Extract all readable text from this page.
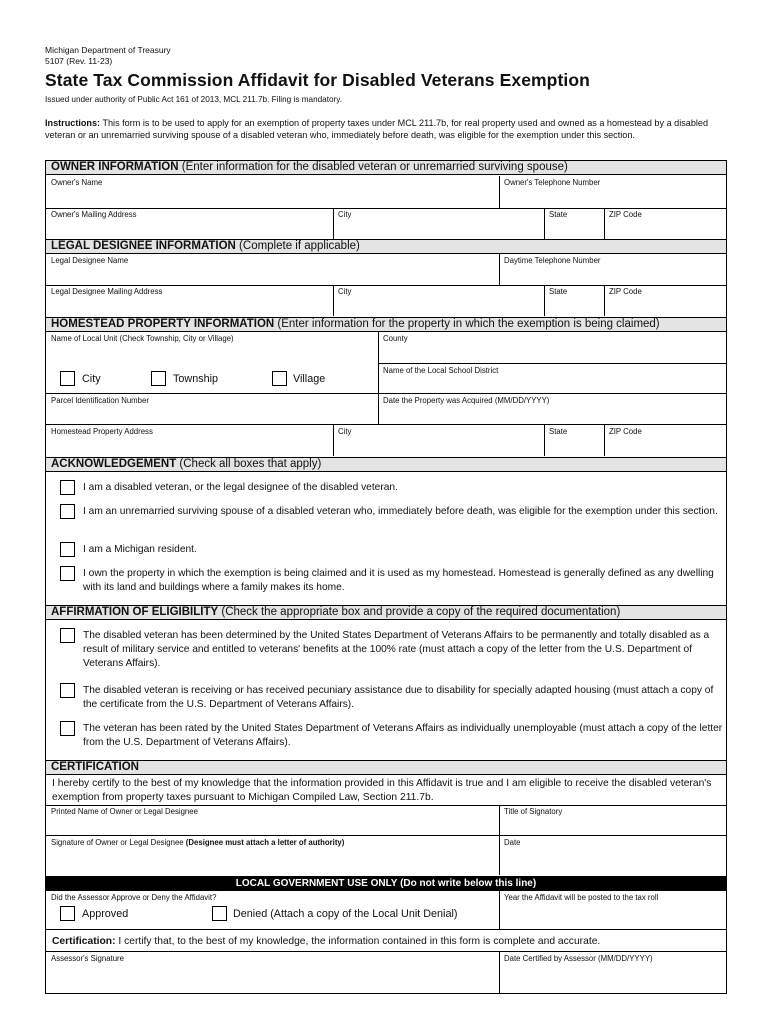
Michigan Department of Treasury
5107 (Rev. 11-23)
State Tax Commission Affidavit for Disabled Veterans Exemption
Issued under authority of Public Act 161 of 2013, MCL 211.7b. Filing is mandatory.
Instructions: This form is to be used to apply for an exemption of property taxes under MCL 211.7b, for real property used and owned as a homestead by a disabled veteran or an unremarried surviving spouse of a disabled veteran who, immediately before death, was eligible for the exemption under this section.
OWNER INFORMATION (Enter information for the disabled veteran or unremarried surviving spouse)
Owner's Name	Owner's Telephone Number
Owner's Mailing Address	City	State	ZIP Code
LEGAL DESIGNEE INFORMATION (Complete if applicable)
Legal Designee Name	Daytime Telephone Number
Legal Designee Mailing Address	City	State	ZIP Code
HOMESTEAD PROPERTY INFORMATION (Enter information for the property in which the exemption is being claimed)
Name of Local Unit (Check Township, City or Village)	County
Name of the Local School District
City	Township	Village
Parcel Identification Number	Date the Property was Acquired (MM/DD/YYYY)
Homestead Property Address	City	State	ZIP Code
ACKNOWLEDGEMENT (Check all boxes that apply)
I am a disabled veteran, or the legal designee of the disabled veteran.
I am an unremarried surviving spouse of a disabled veteran who, immediately before death, was eligible for the exemption under this section.
I am a Michigan resident.
I own the property in which the exemption is being claimed and it is used as my homestead. Homestead is generally defined as any dwelling with its land and buildings where a family makes its home.
AFFIRMATION OF ELIGIBILITY (Check the appropriate box and provide a copy of the required documentation)
The disabled veteran has been determined by the United States Department of Veterans Affairs to be permanently and totally disabled as a result of military service and entitled to veterans' benefits at the 100% rate (must attach a copy of the letter from the U.S. Department of Veterans Affairs).
The disabled veteran is receiving or has received pecuniary assistance due to disability for specially adapted housing (must attach a copy of the certificate from the U.S. Department of Veterans Affairs).
The veteran has been rated by the United States Department of Veterans Affairs as individually unemployable (must attach a copy of the letter from the U.S. Department of Veterans Affairs).
CERTIFICATION
I hereby certify to the best of my knowledge that the information provided in this Affidavit is true and I am eligible to receive the disabled veteran's exemption from property taxes pursuant to Michigan Compiled Law, Section 211.7b.
Printed Name of Owner or Legal Designee	Title of Signatory
Signature of Owner or Legal Designee (Designee must attach a letter of authority)	Date
LOCAL GOVERNMENT USE ONLY (Do not write below this line)
Did the Assessor Approve or Deny the Affidavit?	Year the Affidavit will be posted to the tax roll
Approved	Denied (Attach a copy of the Local Unit Denial)
Certification: I certify that, to the best of my knowledge, the information contained in this form is complete and accurate.
Assessor's Signature	Date Certified by Assessor (MM/DD/YYYY)
